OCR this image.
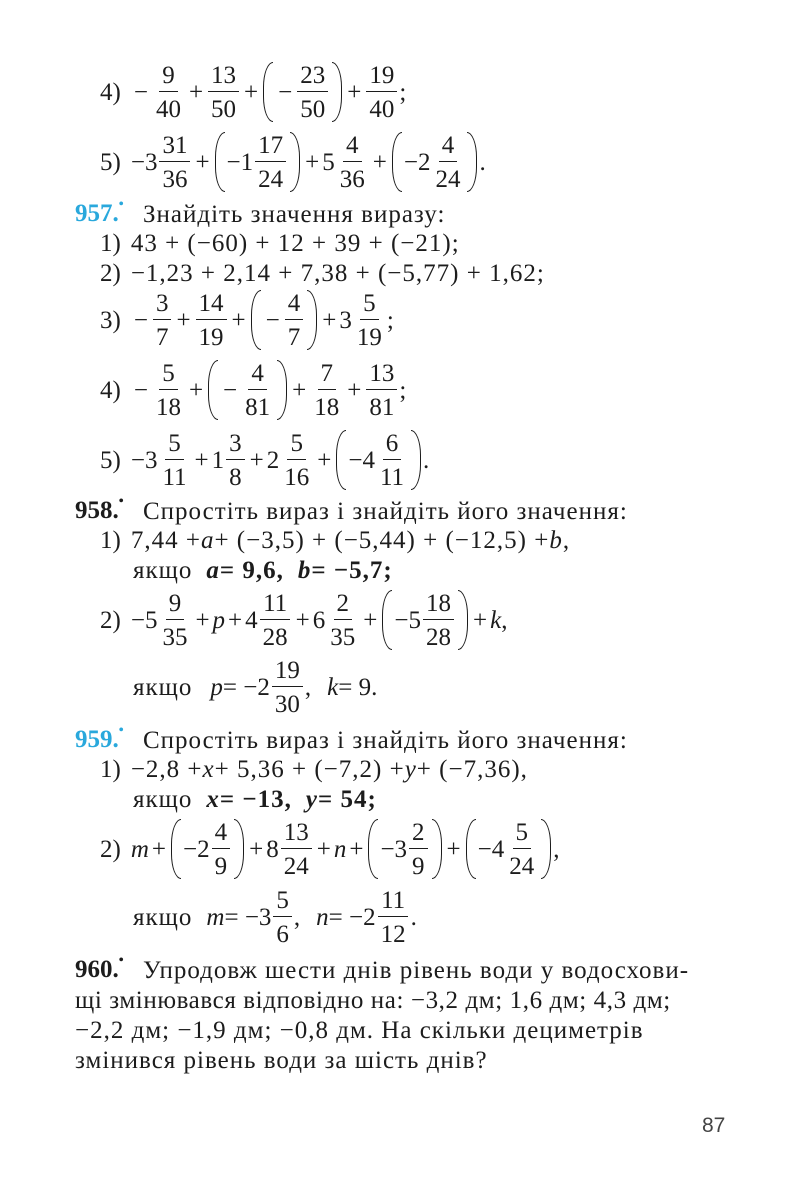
$4) - \frac{9}{40} + \frac{13}{50}$ + − $\frac{23}{50} + \frac{19}{40}$ ;
$5) - 3 \frac{31}{36}$ + − $1 \frac{17}{24} + 5 \frac{4}{36}$ + − $2 \frac{4}{24}$ .
957.• Знайдіть значення виразу:
1) 43 + (−60) + 12 + 39 + (−21);
2) −1,23 + 2,14 + 7,38 + (−5,77) + 1,62;
$3) - \frac{3}{7} + \frac{14}{19}$ + − $\frac{4}{7} + 3 \frac{5}{19}$ ;
$4) - \frac{5}{18}$ + − $\frac{4}{81} + \frac{7}{18} + \frac{13}{81}$ ;
$5) - 3 \frac{5}{11} + 1 \frac{3}{8} + 2 \frac{5}{16}$ + − $4 \frac{6}{11}$ .
958.• Спростіть вираз і знайдіть його значення:
1) 7,44 + a + (−3,5) + (−5,44) + (−12,5) + b ,
якщо a = 9,6, b = −5,7;
$2) - 5 \frac{9}{35} + p + 4 \frac{11}{28} + 6 \frac{2}{35}$ + − $5 \frac{18}{28} + k$ ,
якщо $p = -2 \frac{19}{30}$ , k = 9.
959.• Спростіть вираз і знайдіть його значення:
1) −2,8 + x + 5,36 + (−7,2) + y + (−7,36),
якщо x = −13, y = 54;
2) m + − $2 \frac{4}{9} + 8 \frac{13}{24} + n$ + − $3 \frac{2}{9}$ + − $4 \frac{5}{24}$ ,
якщо $m = -3 \frac{5}{6}$ , $n = -2 \frac{11}{12}$ .
960.• Упродовж шести днів рівень води у водосхови-
щі змінювався відповідно на: −3,2 дм; 1,6 дм; 4,3 дм;
−2,2 дм; −1,9 дм; −0,8 дм. На скільки дециметрів
змінився рівень води за шість днів?
87
